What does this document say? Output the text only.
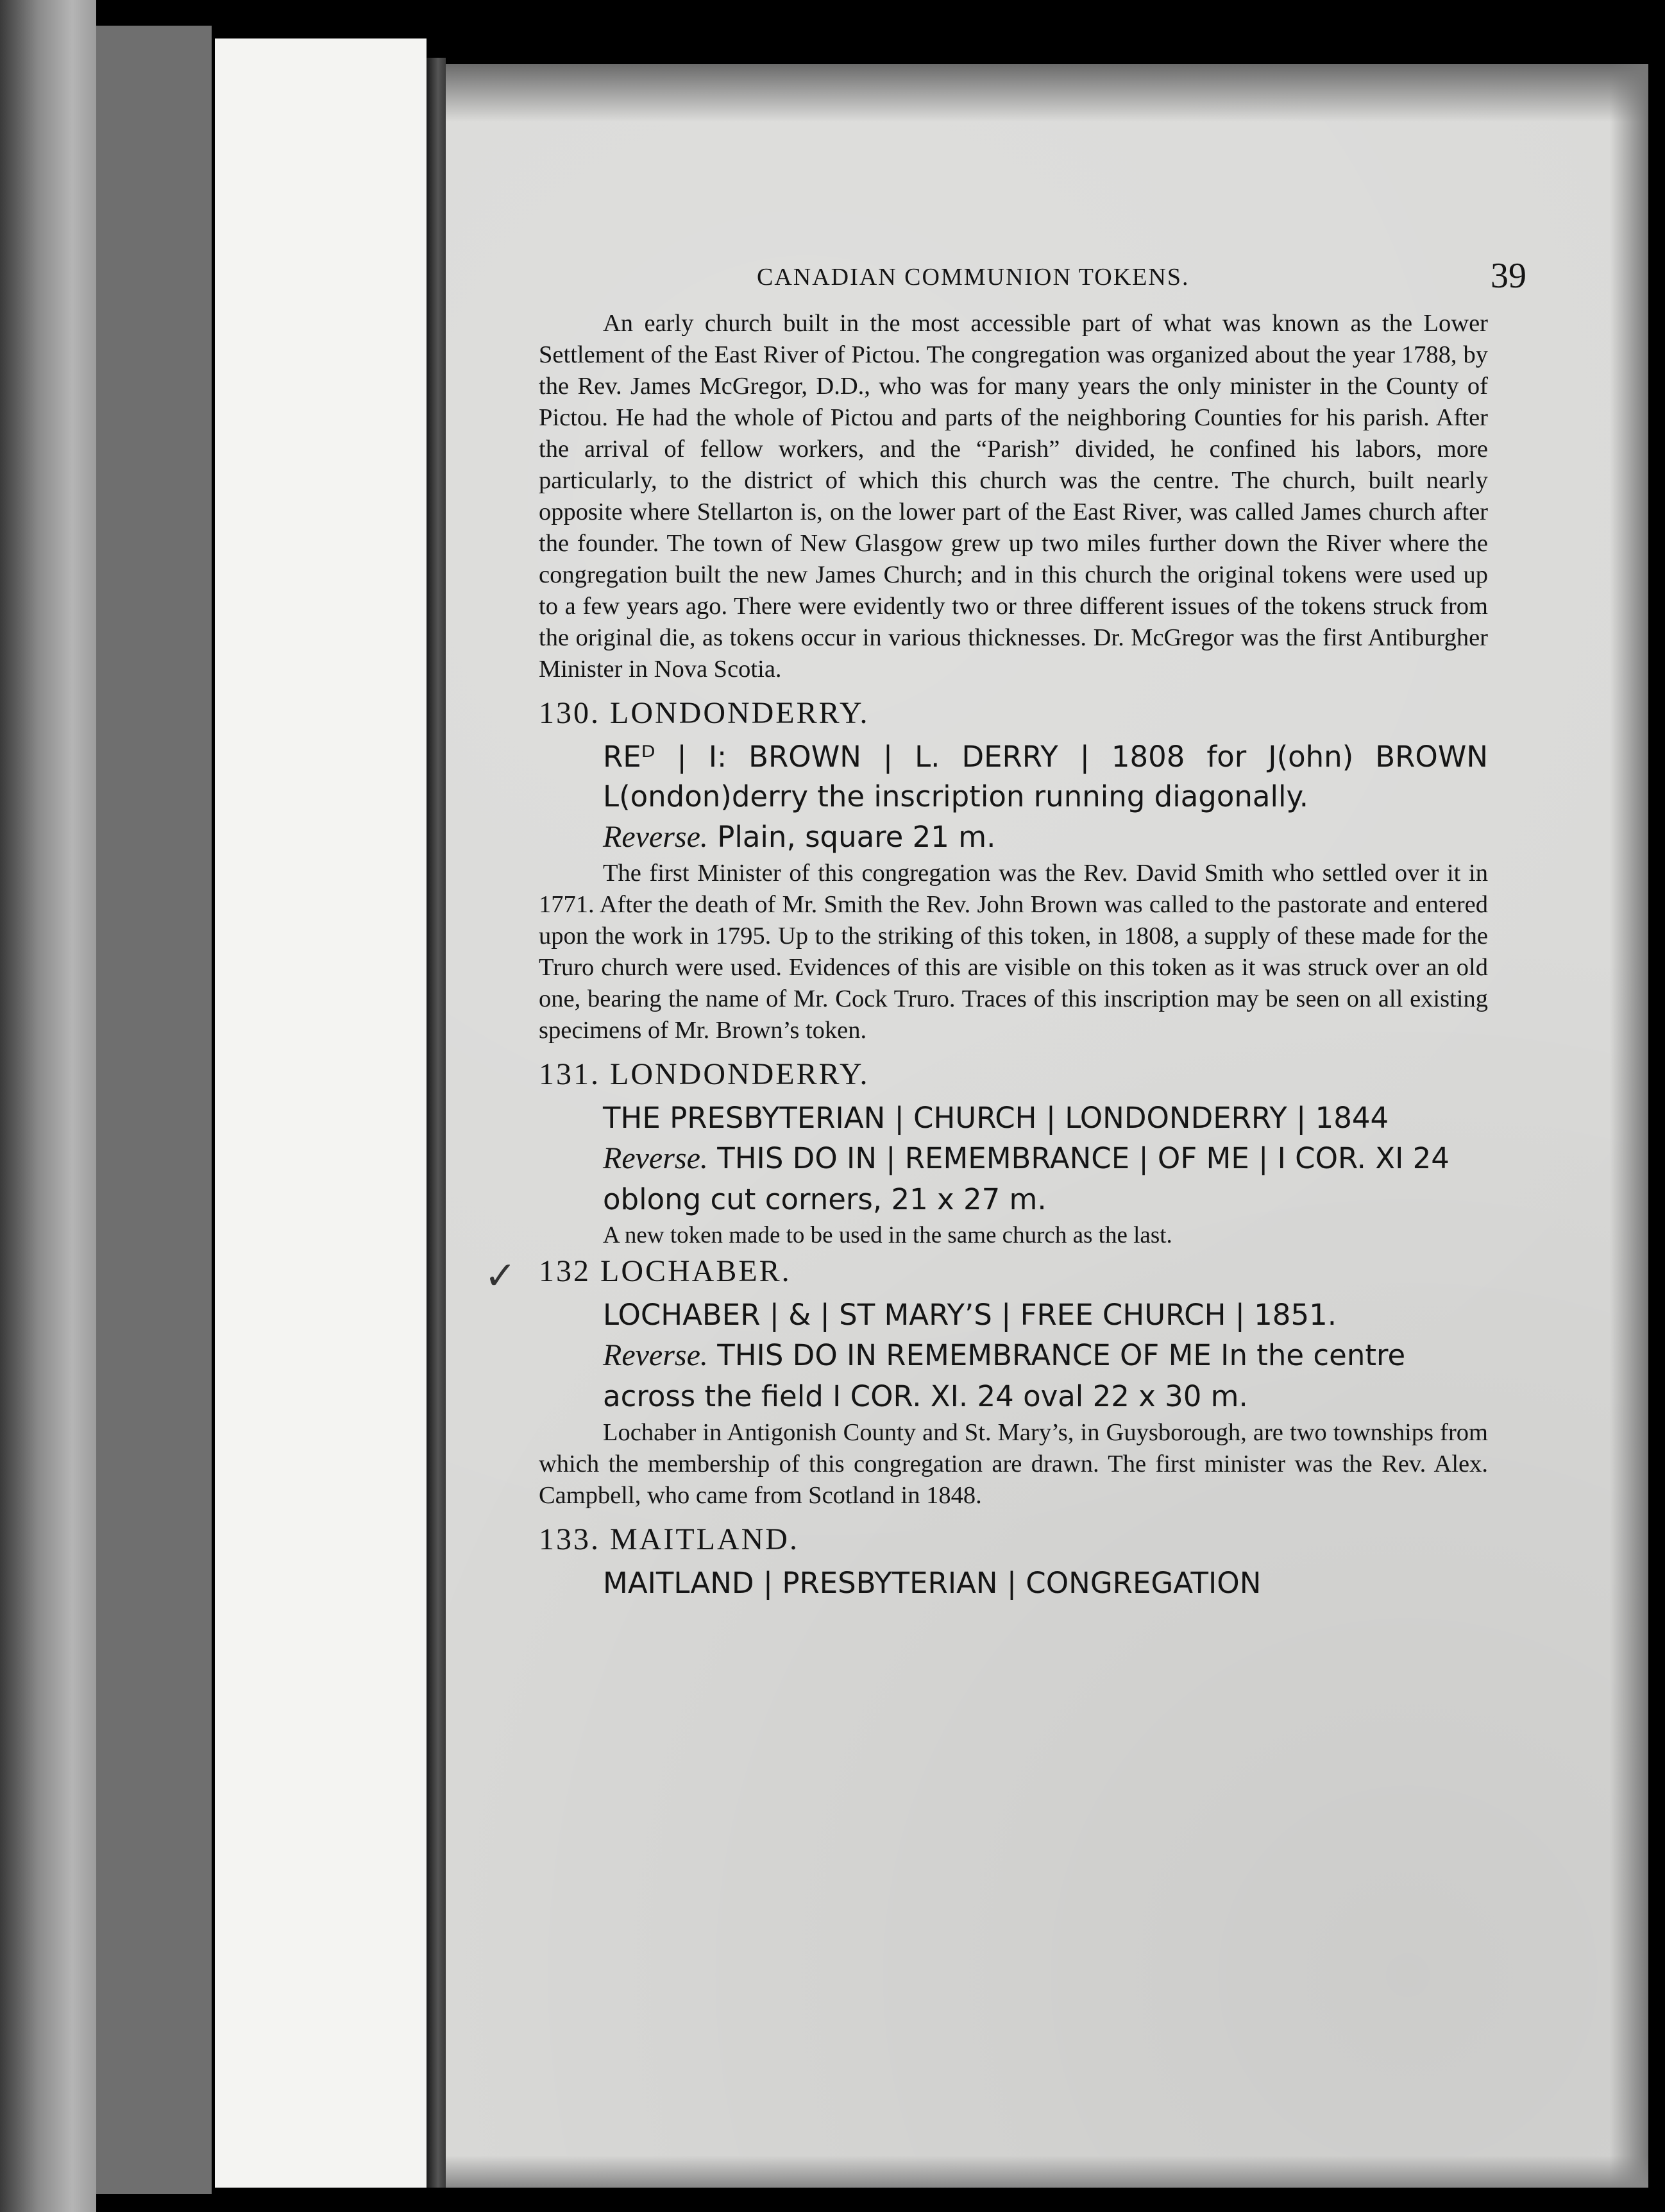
CANADIAN COMMUNION TOKENS.	39

An early church built in the most accessible part of what was known as the Lower Settlement of the East River of Pictou. The congregation was organized about the year 1788, by the Rev. James McGregor, D.D., who was for many years the only minister in the County of Pictou. He had the whole of Pictou and parts of the neighboring Counties for his parish. After the arrival of fellow workers, and the “Parish” divided, he confined his labors, more particularly, to the district of which this church was the centre. The church, built nearly opposite where Stellarton is, on the lower part of the East River, was called James church after the founder. The town of New Glasgow grew up two miles further down the River where the congregation built the new James Church; and in this church the original tokens were used up to a few years ago. There were evidently two or three different issues of the tokens struck from the original die, as tokens occur in various thicknesses. Dr. McGregor was the first Antiburgher Minister in Nova Scotia.

130. LONDONDERRY.

REᴰ | I: BROWN | L. DERRY | 1808 for J(ohn) BROWN L(ondon)derry the inscription running diagonally.

Reverse. Plain, square 21 m.

The first Minister of this congregation was the Rev. David Smith who settled over it in 1771. After the death of Mr. Smith the Rev. John Brown was called to the pastorate and entered upon the work in 1795. Up to the striking of this token, in 1808, a supply of these made for the Truro church were used. Evidences of this are visible on this token as it was struck over an old one, bearing the name of Mr. Cock Truro. Traces of this inscription may be seen on all existing specimens of Mr. Brown’s token.

131. LONDONDERRY.

THE PRESBYTERIAN | CHURCH | LONDONDERRY | 1844

Reverse. THIS DO IN | REMEMBRANCE | OF ME | I COR. XI 24 oblong cut corners, 21 x 27 m.

A new token made to be used in the same church as the last.

✓ 132 LOCHABER.

LOCHABER | & | ST MARY’S | FREE CHURCH | 1851.

Reverse. THIS DO IN REMEMBRANCE OF ME In the centre across the field I COR. XI. 24 oval 22 x 30 m.

Lochaber in Antigonish County and St. Mary’s, in Guysborough, are two townships from which the membership of this congregation are drawn. The first minister was the Rev. Alex. Campbell, who came from Scotland in 1848.

133. MAITLAND.

MAITLAND | PRESBYTERIAN | CONGREGATION
